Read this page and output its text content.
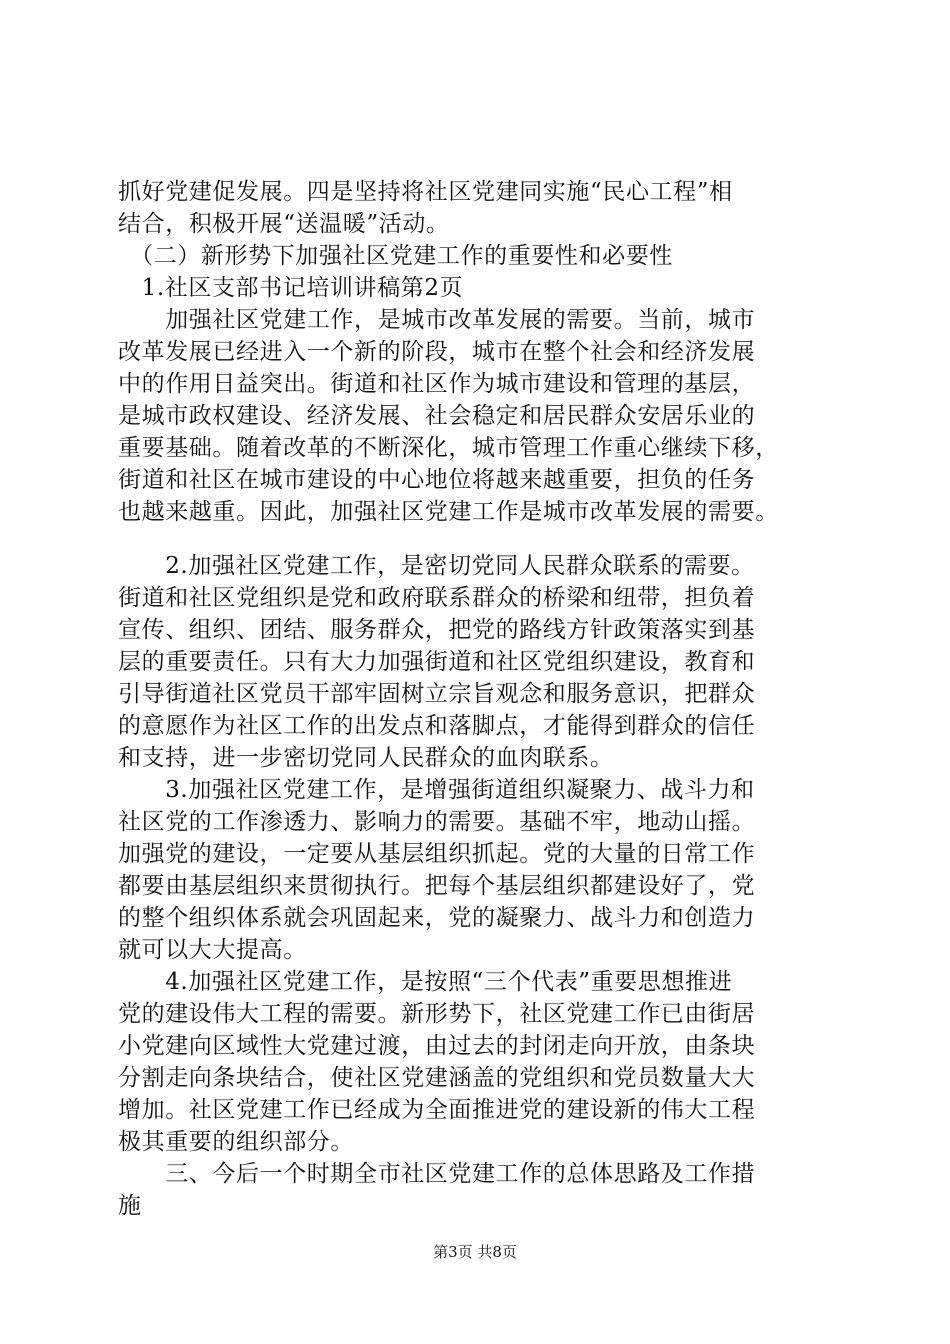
抓好党建促发展。四是坚持将社区党建同实施“民心工程”相
结合，积极开展“送温暖”活动。
　（二）新形势下加强社区党建工作的重要性和必要性
　1.社区支部书记培训讲稿第2页
　　加强社区党建工作，是城市改革发展的需要。当前，城市
改革发展已经进入一个新的阶段，城市在整个社会和经济发展
中的作用日益突出。街道和社区作为城市建设和管理的基层，
是城市政权建设、经济发展、社会稳定和居民群众安居乐业的
重要基础。随着改革的不断深化，城市管理工作重心继续下移，
街道和社区在城市建设的中心地位将越来越重要，担负的任务
也越来越重。因此，加强社区党建工作是城市改革发展的需要。
　　2.加强社区党建工作，是密切党同人民群众联系的需要。
街道和社区党组织是党和政府联系群众的桥梁和纽带，担负着
宣传、组织、团结、服务群众，把党的路线方针政策落实到基
层的重要责任。只有大力加强街道和社区党组织建设，教育和
引导街道社区党员干部牢固树立宗旨观念和服务意识，把群众
的意愿作为社区工作的出发点和落脚点，才能得到群众的信任
和支持，进一步密切党同人民群众的血肉联系。
　　3.加强社区党建工作，是增强街道组织凝聚力、战斗力和
社区党的工作渗透力、影响力的需要。基础不牢，地动山摇。
加强党的建设，一定要从基层组织抓起。党的大量的日常工作
都要由基层组织来贯彻执行。把每个基层组织都建设好了，党
的整个组织体系就会巩固起来，党的凝聚力、战斗力和创造力
就可以大大提高。
　　4.加强社区党建工作，是按照“三个代表”重要思想推进
党的建设伟大工程的需要。新形势下，社区党建工作已由街居
小党建向区域性大党建过渡，由过去的封闭走向开放，由条块
分割走向条块结合，使社区党建涵盖的党组织和党员数量大大
增加。社区党建工作已经成为全面推进党的建设新的伟大工程
极其重要的组织部分。
　　三、今后一个时期全市社区党建工作的总体思路及工作措
施
第3页 共8页
